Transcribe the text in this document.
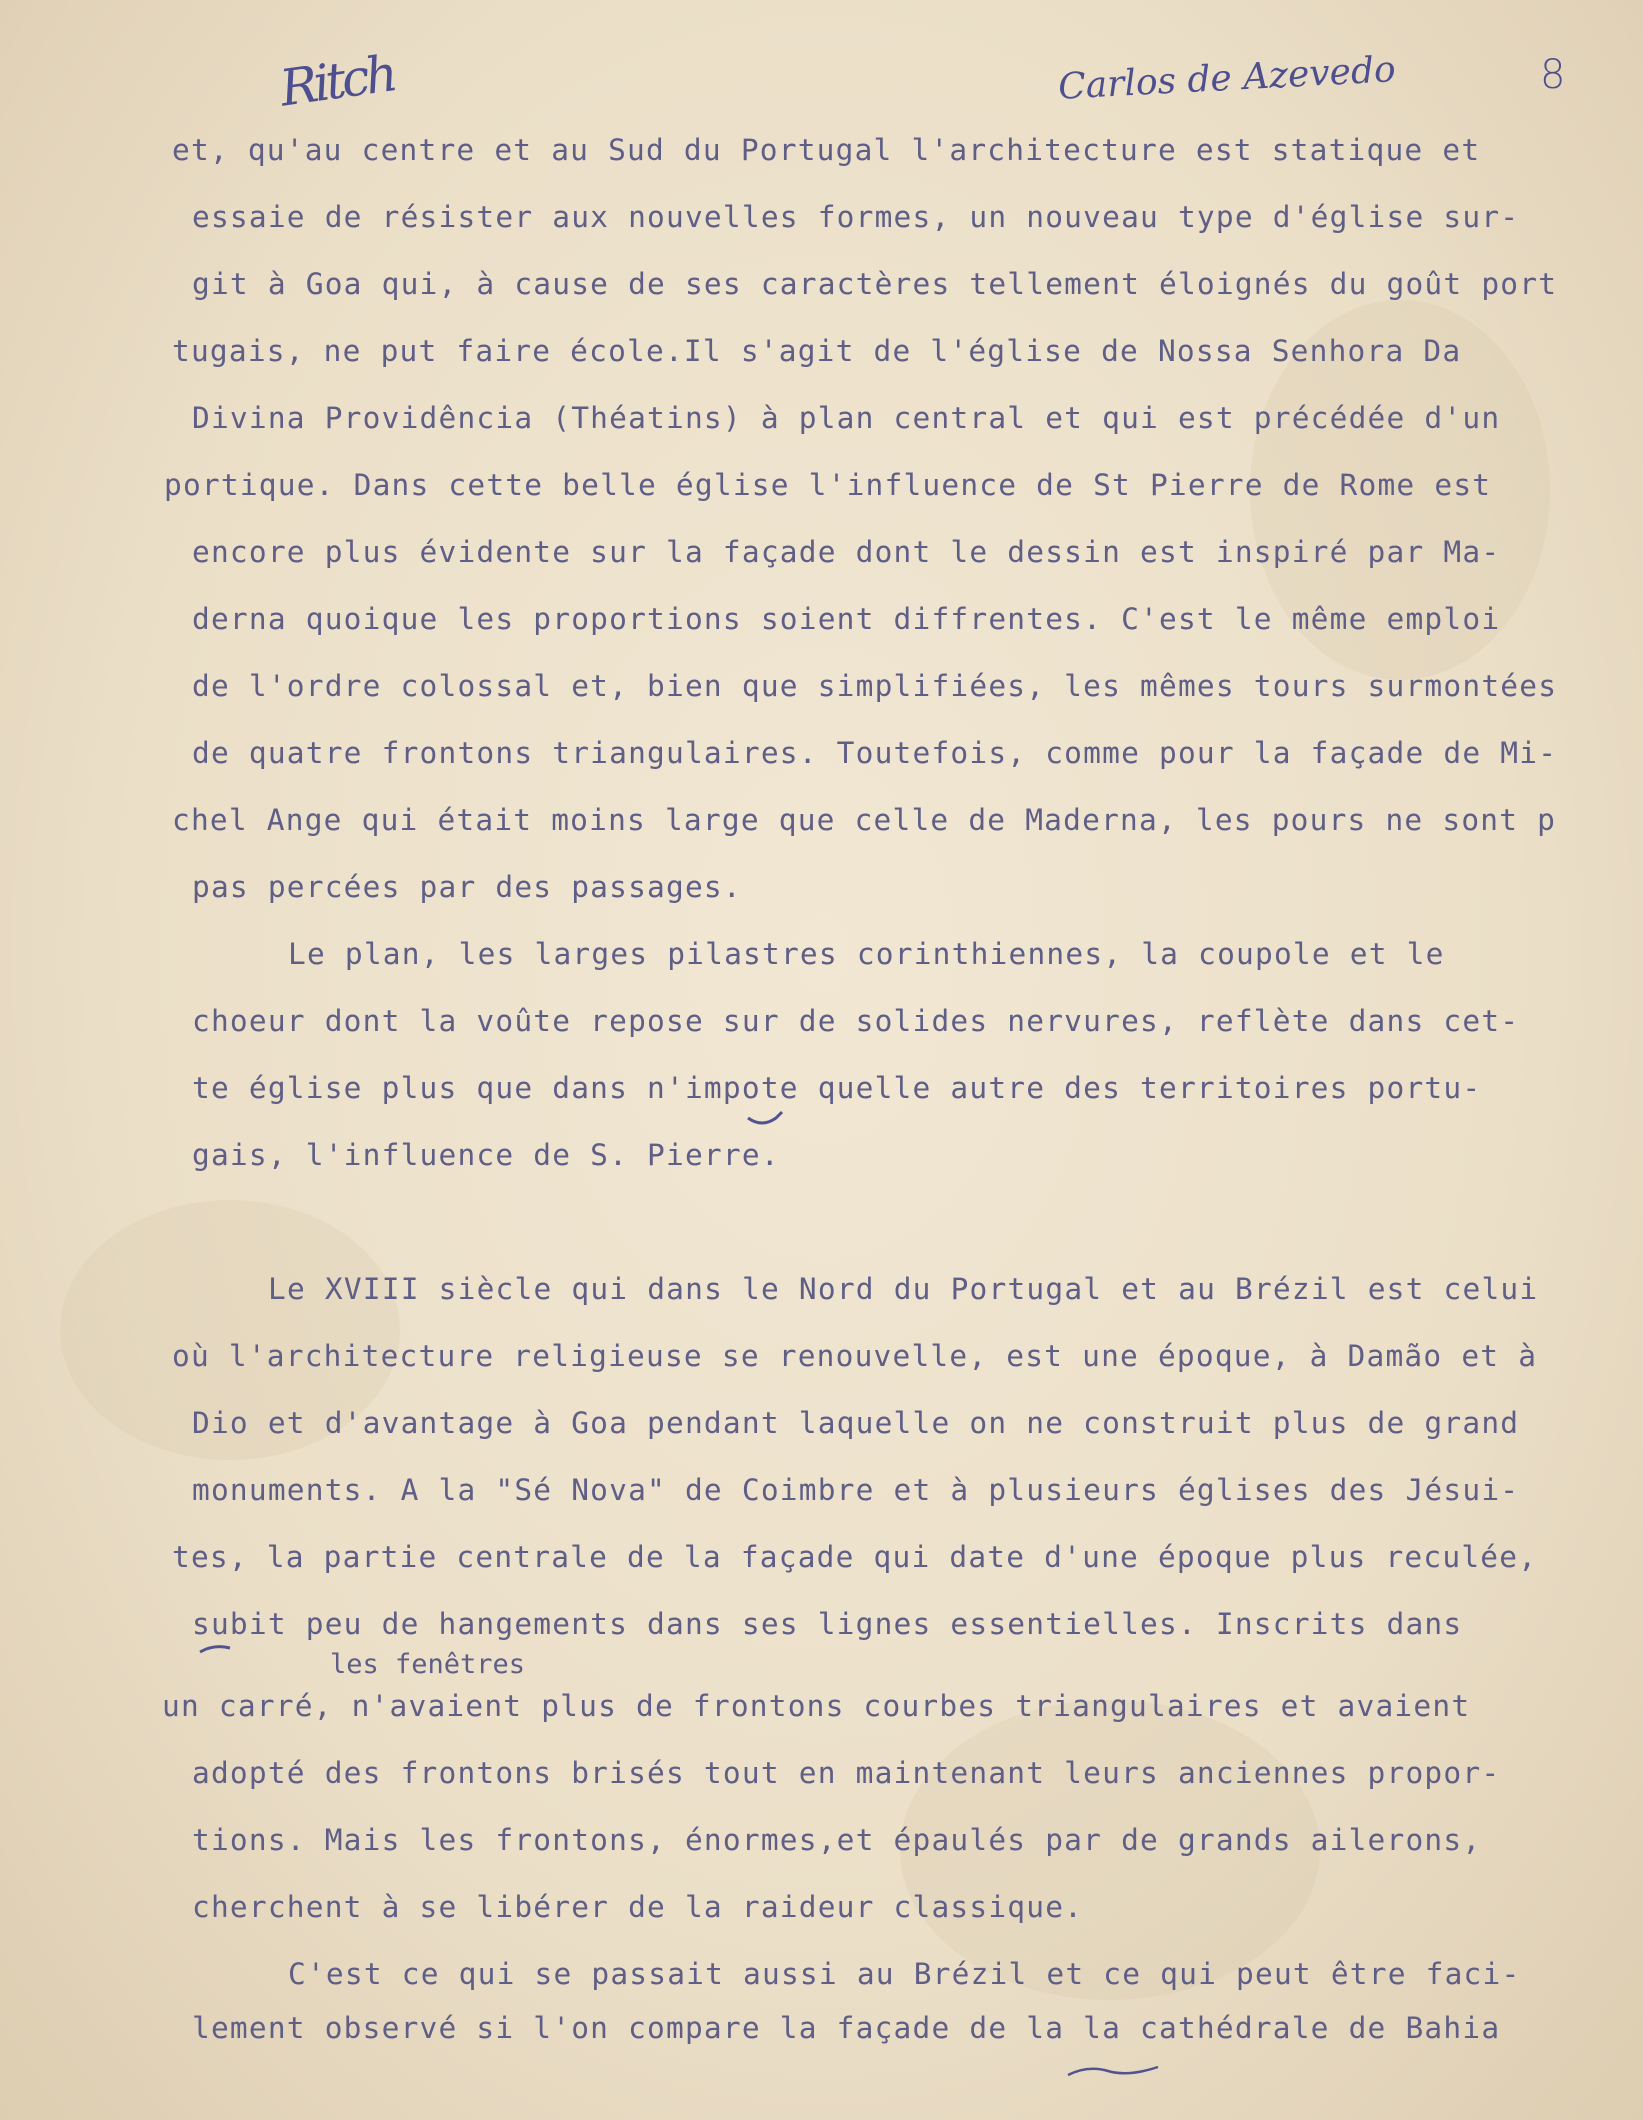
Ritch	Carlos de Azevedo	8
et, qu'au centre et au Sud du Portugal l'architecture est statique et
essaie de résister aux nouvelles formes, un nouveau type d'église sur-
git à Goa qui, à cause de ses caractères tellement éloignés du goût port
tugais, ne put faire école.Il s'agit de l'église de Nossa Senhora Da
Divina Providência (Théatins) à plan central et qui est précédée d'un
portique. Dans cette belle église l'influence de St Pierre de Rome est
encore plus évidente sur la façade dont le dessin est inspiré par Ma-
derna quoique les proportions soient diffrentes. C'est le même emploi
de l'ordre colossal et, bien que simplifiées, les mêmes tours surmontées
de quatre frontons triangulaires. Toutefois, comme pour la façade de Mi-
chel Ange qui était moins large que celle de Maderna, les pours ne sont p
pas percées par des passages.
Le plan, les larges pilastres corinthiennes, la coupole et le
choeur dont la voûte repose sur de solides nervures, reflète dans cet-
te église plus que dans n'impote quelle autre des territoires portu-
gais, l'influence de S. Pierre.
Le XVIII siècle qui dans le Nord du Portugal et au Brézil est celui
où l'architecture religieuse se renouvelle, est une époque, à Damão et à
Dio et d'avantage à Goa pendant laquelle on ne construit plus de grand
monuments. A la "Sé Nova" de Coimbre et à plusieurs églises des Jésui-
tes, la partie centrale de la façade qui date d'une époque plus reculée,
subit peu de hangements dans ses lignes essentielles. Inscrits dans
les fenêtres
un carré, n'avaient plus de frontons courbes triangulaires et avaient
adopté des frontons brisés tout en maintenant leurs anciennes propor-
tions. Mais les frontons, énormes,et épaulés par de grands ailerons,
cherchent à se libérer de la raideur classique.
C'est ce qui se passait aussi au Brézil et ce qui peut être faci-
lement observé si l'on compare la façade de la la cathédrale de Bahia
